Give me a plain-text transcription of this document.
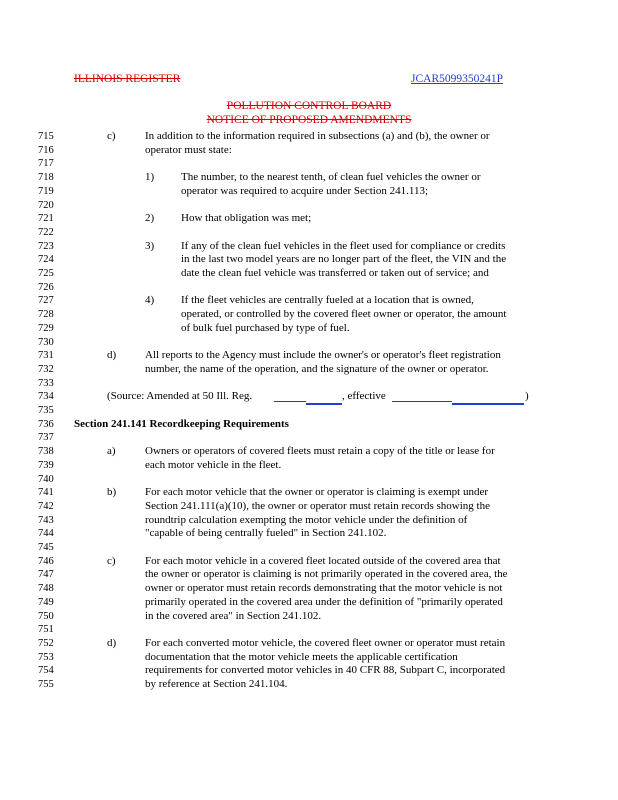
ILLINOIS REGISTER	JCAR5099350241P
POLLUTION CONTROL BOARD
NOTICE OF PROPOSED AMENDMENTS
715
716
717
718
719
720
721
722
723
724
725
726
727
728
729
730
731
732
733
734
735
736
737
738
739
740
741
742
743
744
745
746
747
748
749
750
751
752
753
754
755
c)	In addition to the information required in subsections (a) and (b), the owner or
operator must state:
1) The number, to the nearest tenth, of clean fuel vehicles the owner or
operator was required to acquire under Section 241.113;
2) How that obligation was met;
3) If any of the clean fuel vehicles in the fleet used for compliance or credits
in the last two model years are no longer part of the fleet, the VIN and the
date the clean fuel vehicle was transferred or taken out of service; and
4) If the fleet vehicles are centrally fueled at a location that is owned,
operated, or controlled by the covered fleet owner or operator, the amount
of bulk fuel purchased by type of fuel.
d)	All reports to the Agency must include the owner's or operator's fleet registration
number, the name of the operation, and the signature of the owner or operator.
(Source: Amended at 50 Ill. Reg.	, effective	)
Section 241.141 Recordkeeping Requirements
a)	Owners or operators of covered fleets must retain a copy of the title or lease for
each motor vehicle in the fleet.
b)	For each motor vehicle that the owner or operator is claiming is exempt under
Section 241.111(a)(10), the owner or operator must retain records showing the
roundtrip calculation exempting the motor vehicle under the definition of
"capable of being centrally fueled" in Section 241.102.
c)	For each motor vehicle in a covered fleet located outside of the covered area that
the owner or operator is claiming is not primarily operated in the covered area, the
owner or operator must retain records demonstrating that the motor vehicle is not
primarily operated in the covered area under the definition of "primarily operated
in the covered area" in Section 241.102.
d)	For each converted motor vehicle, the covered fleet owner or operator must retain
documentation that the motor vehicle meets the applicable certification
requirements for converted motor vehicles in 40 CFR 88, Subpart C, incorporated
by reference at Section 241.104.
